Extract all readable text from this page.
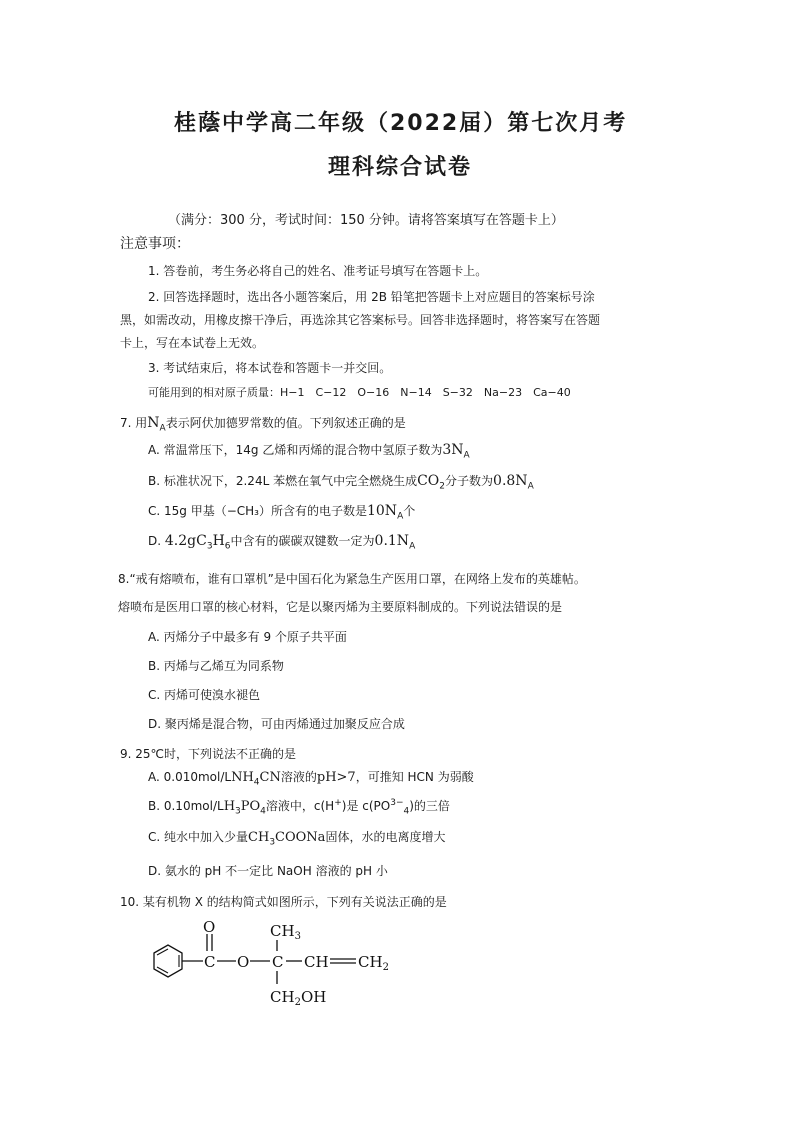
桂蔭中学高二年级（2022届）第七次月考
理科综合试卷
（满分：300 分，考试时间：150 分钟。请将答案填写在答题卡上）
注意事项：
1. 答卷前，考生务必将自己的姓名、准考证号填写在答题卡上。
2. 回答选择题时，选出各小题答案后，用 2B 铅笔把答题卡上对应题目的答案标号涂
黑，如需改动，用橡皮擦干净后，再选涂其它答案标号。回答非选择题时，将答案写在答题
卡上，写在本试卷上无效。
3. 考试结束后，将本试卷和答题卡一并交回。
可能用到的相对原子质量：H−1　C−12　O−16　N−14　S−32　Na−23　Ca−40
7. 用$N_A$表示阿伏加德罗常数的值。下列叙述正确的是
A. 常温常压下，14g 乙烯和丙烯的混合物中氢原子数为$3N_A$
B. 标准状况下，2.24L 苯燃在氧气中完全燃烧生成$CO_2$分子数为$0.8N_A$
C. 15g 甲基（−CH₃）所含有的电子数是$10N_A$个
D. $4.2gC_3H_6$中含有的碳碳双键数一定为$0.1N_A$
8.“戒有熔喷布，谁有口罩机”是中国石化为紧急生产医用口罩，在网络上发布的英雄帖。
熔喷布是医用口罩的核心材料，它是以聚丙烯为主要原料制成的。下列说法错误的是
A. 丙烯分子中最多有 9 个原子共平面
B. 丙烯与乙烯互为同系物
C. 丙烯可使溴水褪色
D. 聚丙烯是混合物，可由丙烯通过加聚反应合成
9. 25℃时，下列说法不正确的是
A. $0.010mol/LNH_4CN$溶液的pH>7，可推知 HCN 为弱酸
B. $0.10mol/LH_3PO_4$溶液中，c(H+)是 $c(PO^{3-}_4)$的三倍
C. 纯水中加入少量$CH_3COONa$固体，水的电离度增大
D. 氨水的 pH 不一定比 NaOH 溶液的 pH 小
10. 某有机物 X 的结构简式如图所示，下列有关说法正确的是
C
O
O C
$CH_3$
$CH_2OH$
CH $CH_2$
